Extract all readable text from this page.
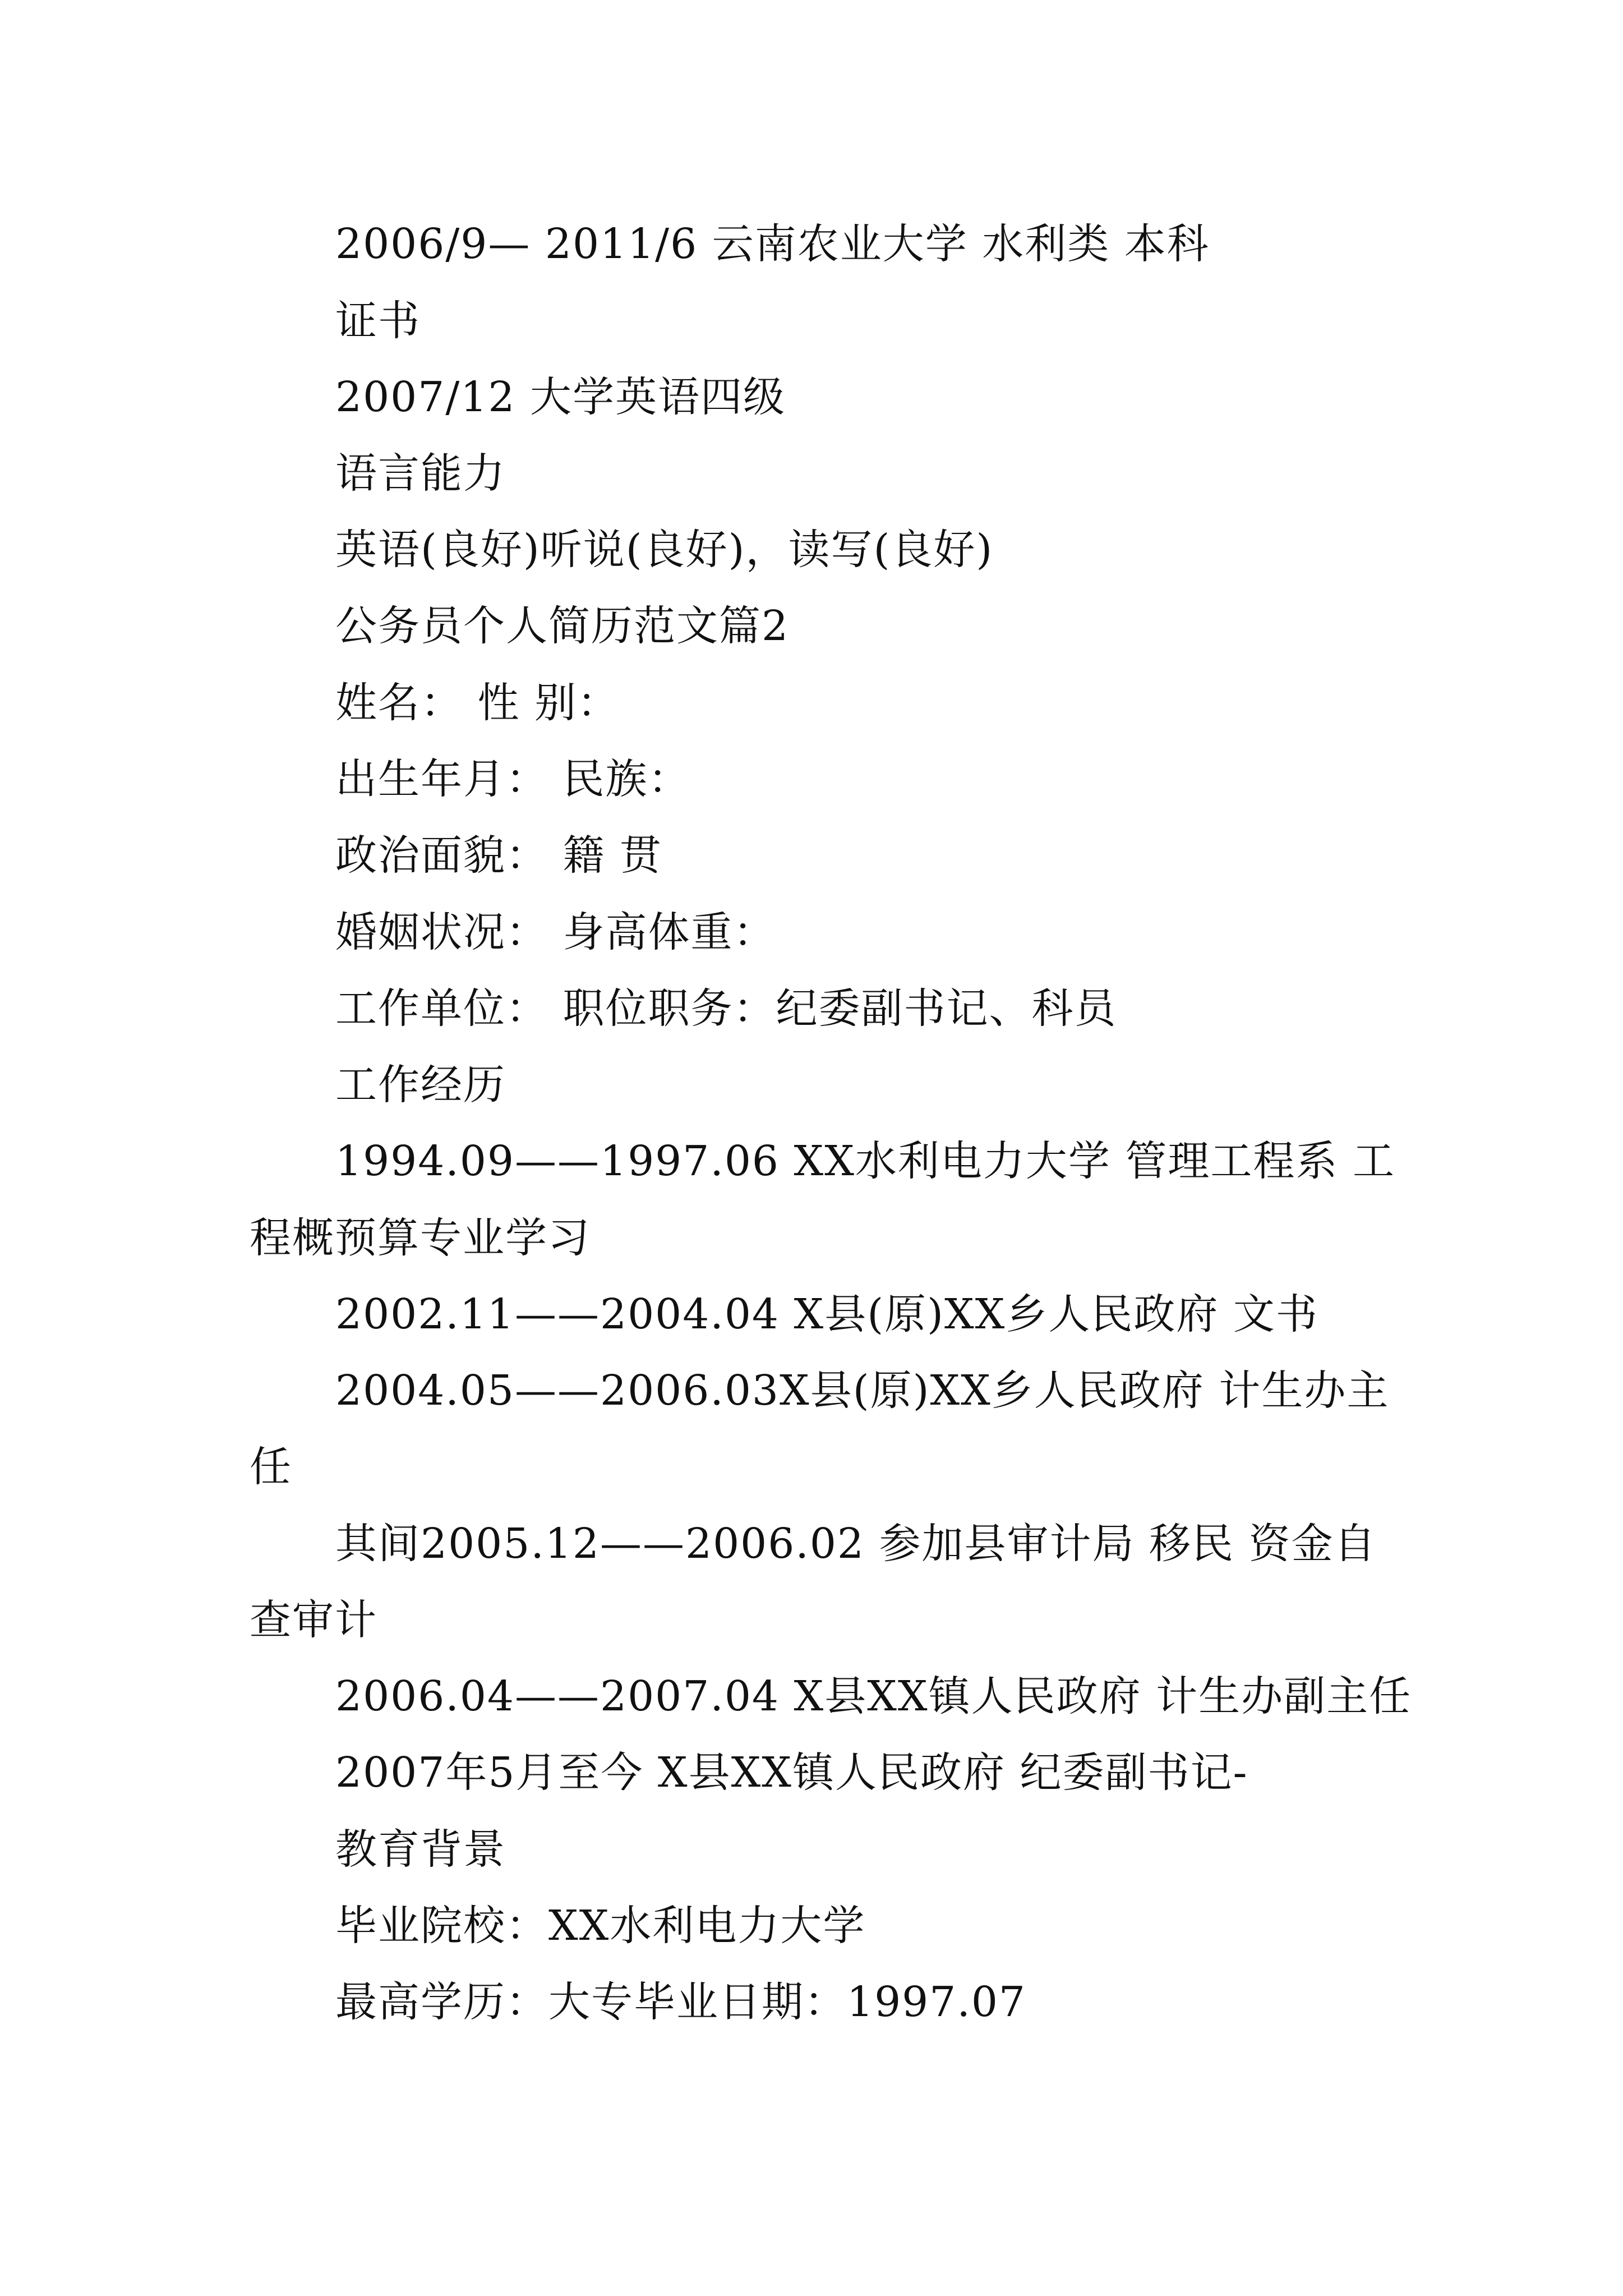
2006/9— 2011/6 云南农业大学 水利类 本科

证书

2007/12 大学英语四级

语言能力

英语(良好)听说(良好)，读写(良好)

公务员个人简历范文篇2

姓名： 性 别：

出生年月： 民族：

政治面貌： 籍 贯

婚姻状况： 身高体重：

工作单位： 职位职务：纪委副书记、科员

工作经历

1994.09——1997.06 XX水利电力大学 管理工程系 工

程概预算专业学习

2002.11——2004.04 X县(原)XX乡人民政府 文书

2004.05——2006.03X县(原)XX乡人民政府 计生办主

任

其间2005.12——2006.02 参加县审计局 移民 资金自

查审计

2006.04——2007.04 X县XX镇人民政府 计生办副主任

2007年5月至今 X县XX镇人民政府 纪委副书记-

教育背景

毕业院校：XX水利电力大学

最高学历：大专毕业日期：1997.07
